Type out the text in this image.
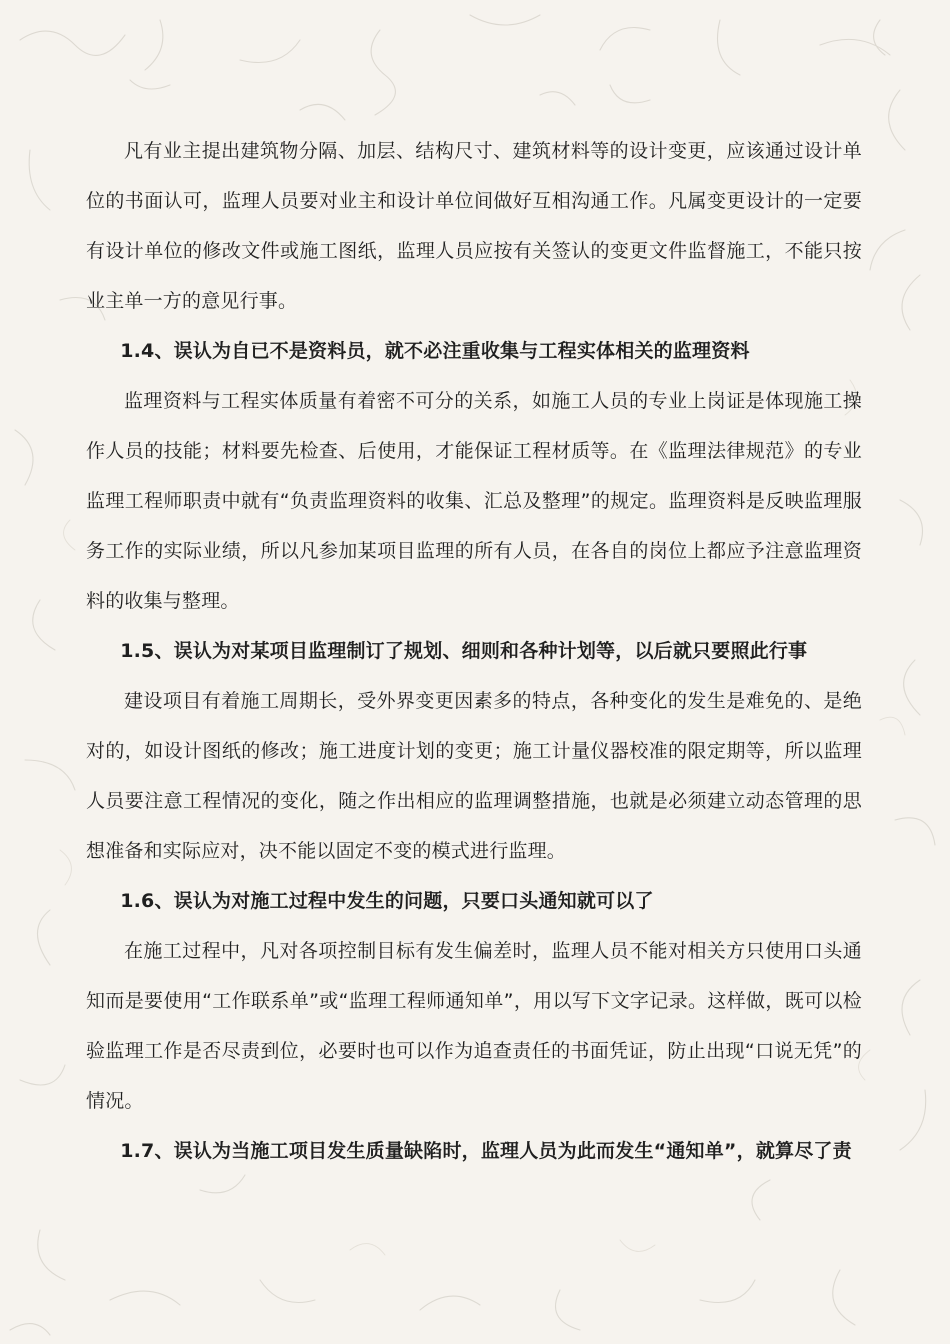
凡有业主提出建筑物分隔、加层、结构尺寸、建筑材料等的设计变更，应该通过设计单位的书面认可，监理人员要对业主和设计单位间做好互相沟通工作。凡属变更设计的一定要有设计单位的修改文件或施工图纸，监理人员应按有关签认的变更文件监督施工，不能只按业主单一方的意见行事。

1.4、误认为自已不是资料员，就不必注重收集与工程实体相关的监理资料

监理资料与工程实体质量有着密不可分的关系，如施工人员的专业上岗证是体现施工操作人员的技能；材料要先检查、后使用，才能保证工程材质等。在《监理法律规范》的专业监理工程师职责中就有“负责监理资料的收集、汇总及整理”的规定。监理资料是反映监理服务工作的实际业绩，所以凡参加某项目监理的所有人员，在各自的岗位上都应予注意监理资料的收集与整理。

1.5、误认为对某项目监理制订了规划、细则和各种计划等，以后就只要照此行事

建设项目有着施工周期长，受外界变更因素多的特点，各种变化的发生是难免的、是绝对的，如设计图纸的修改；施工进度计划的变更；施工计量仪器校准的限定期等，所以监理人员要注意工程情况的变化，随之作出相应的监理调整措施，也就是必须建立动态管理的思想准备和实际应对，决不能以固定不变的模式进行监理。

1.6、误认为对施工过程中发生的问题，只要口头通知就可以了

在施工过程中，凡对各项控制目标有发生偏差时，监理人员不能对相关方只使用口头通知而是要使用“工作联系单”或“监理工程师通知单”，用以写下文字记录。这样做，既可以检验监理工作是否尽责到位，必要时也可以作为追查责任的书面凭证，防止出现“口说无凭”的情况。

1.7、误认为当施工项目发生质量缺陷时，监理人员为此而发生“通知单”，就算尽了责
